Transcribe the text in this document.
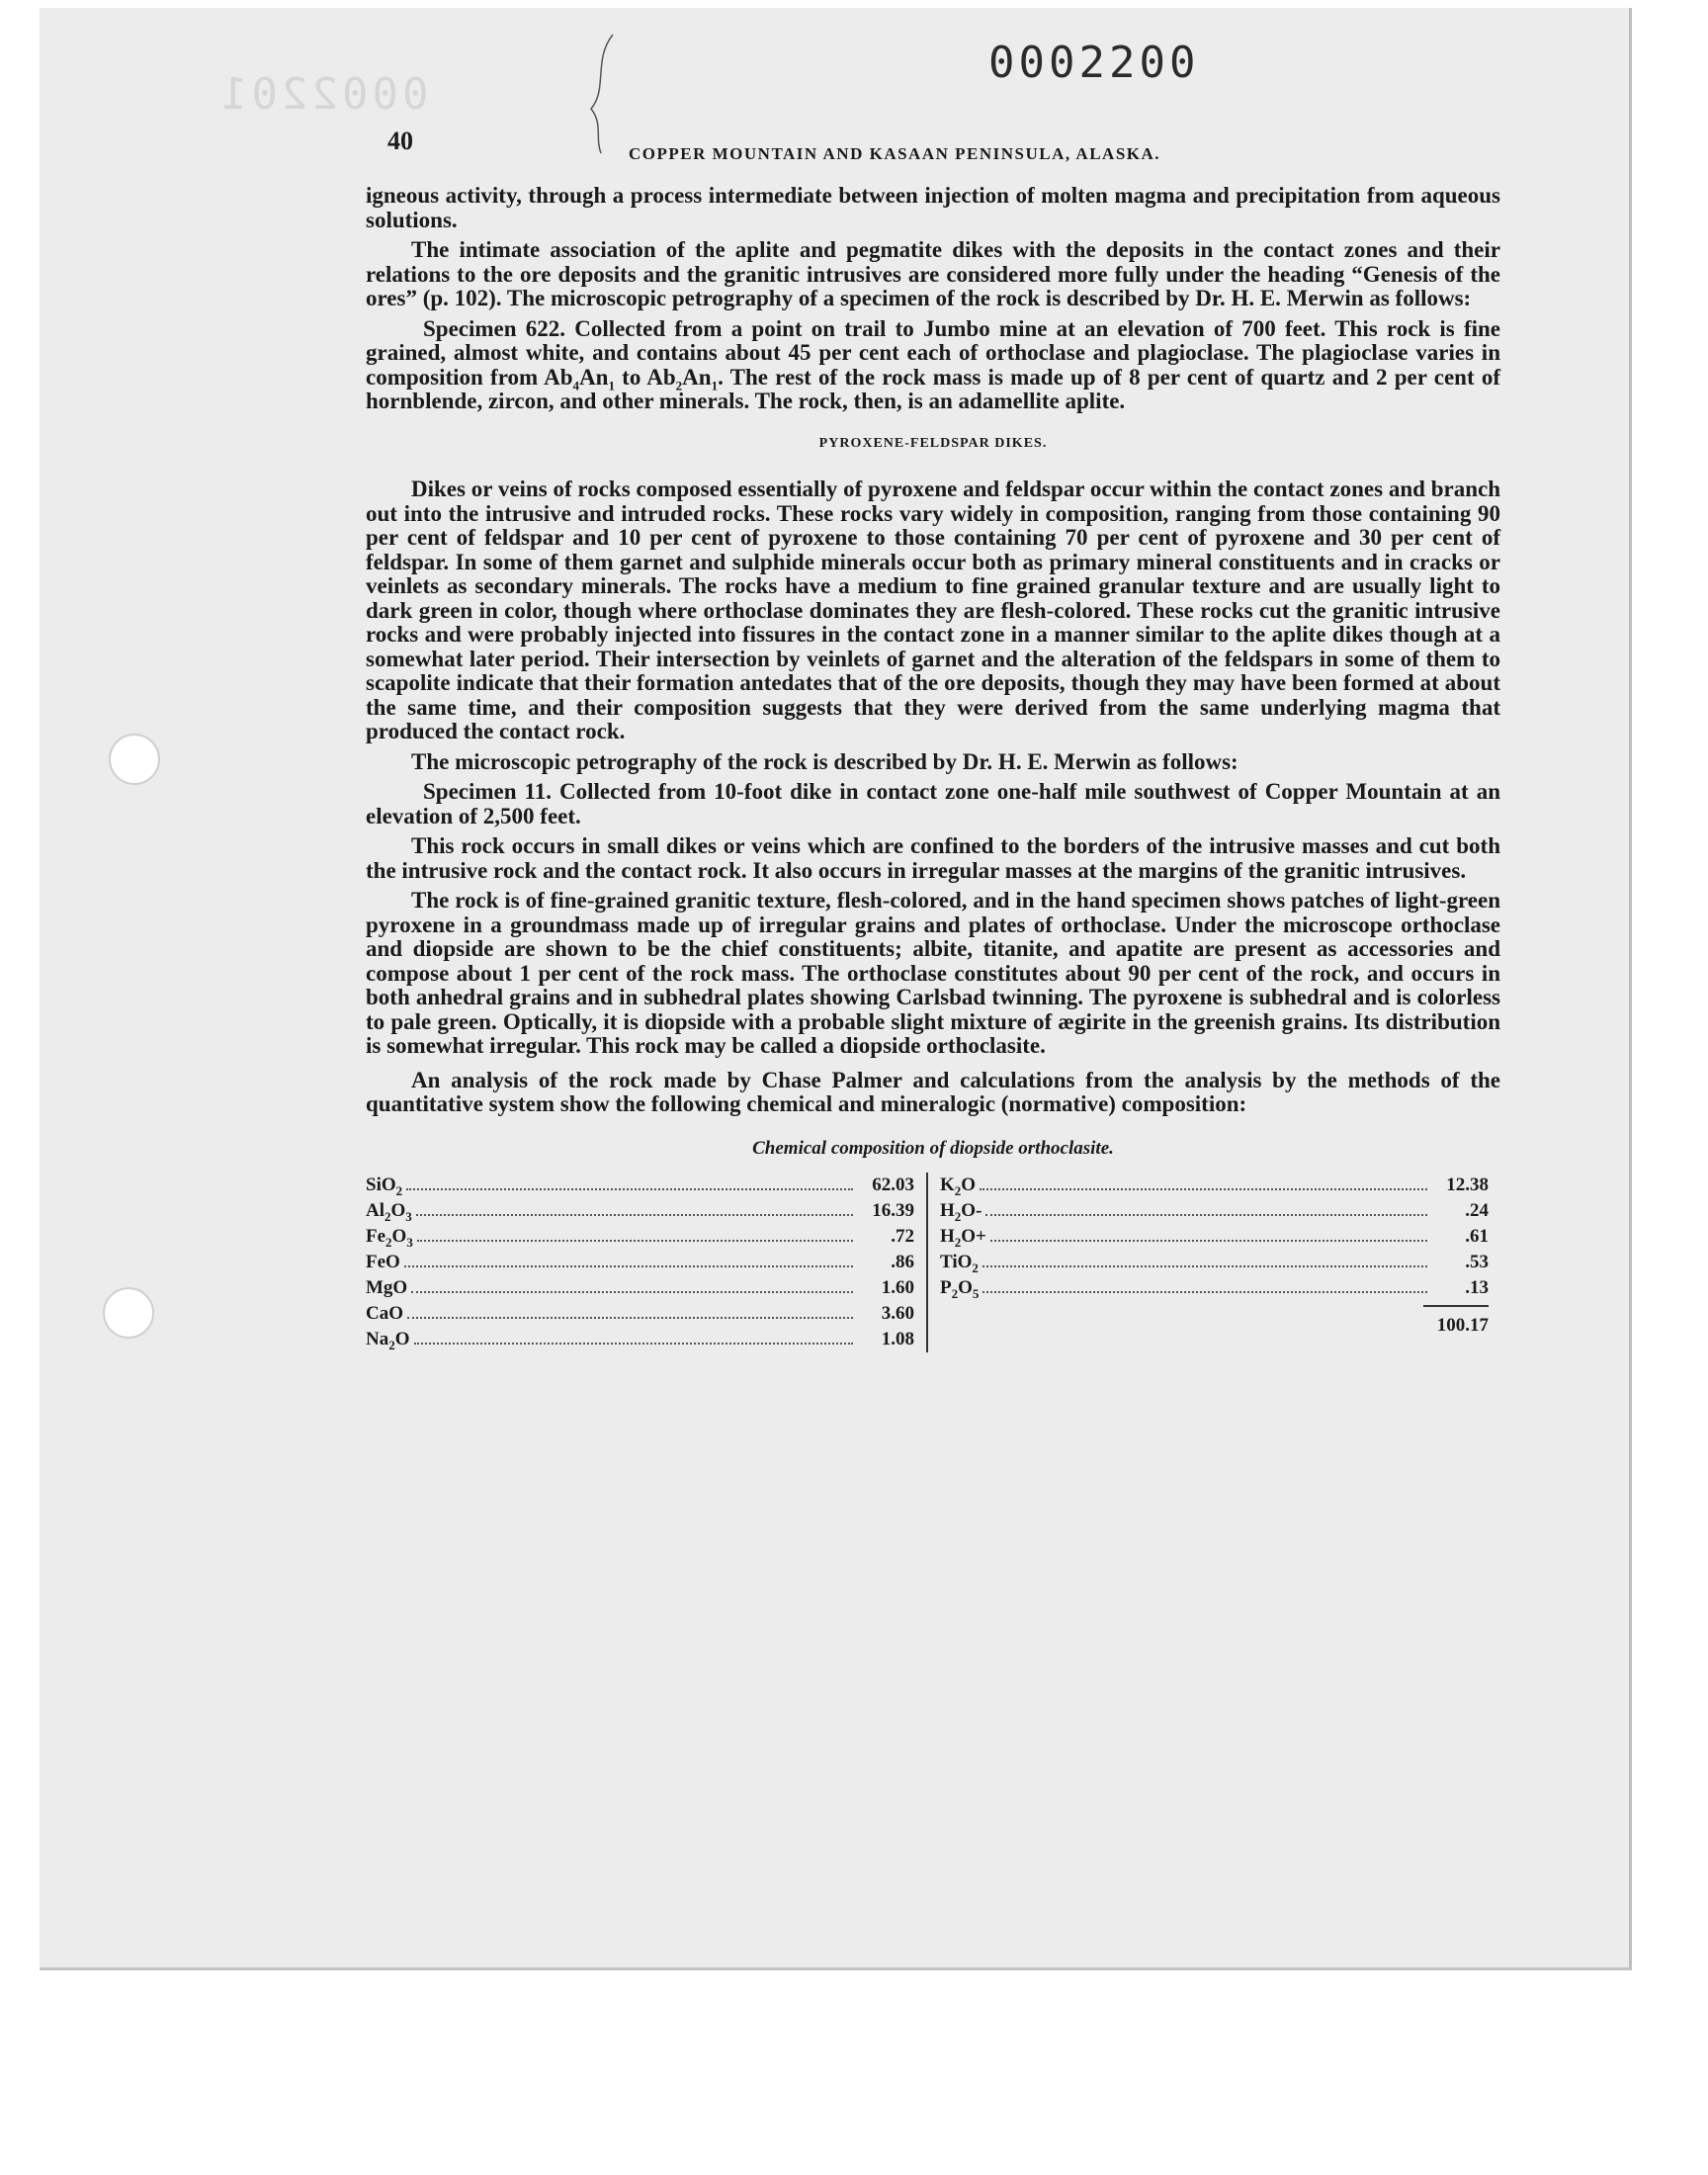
0002201
0002200
40	COPPER MOUNTAIN AND KASAAN PENINSULA, ALASKA.

igneous activity, through a process intermediate between injection of molten magma and precipitation from aqueous solutions.

The intimate association of the aplite and pegmatite dikes with the deposits in the contact zones and their relations to the ore deposits and the granitic intrusives are considered more fully under the heading “Genesis of the ores” (p. 102). The microscopic petrography of a specimen of the rock is described by Dr. H. E. Merwin as follows:

Specimen 622. Collected from a point on trail to Jumbo mine at an elevation of 700 feet. This rock is fine grained, almost white, and contains about 45 per cent each of orthoclase and plagioclase. The plagioclase varies in composition from $Ab_4An_1$ to $Ab_2An_1$. The rest of the rock mass is made up of 8 per cent of quartz and 2 per cent of hornblende, zircon, and other minerals. The rock, then, is an adamellite aplite.

PYROXENE-FELDSPAR DIKES.

Dikes or veins of rocks composed essentially of pyroxene and feldspar occur within the contact zones and branch out into the intrusive and intruded rocks. These rocks vary widely in composition, ranging from those containing 90 per cent of feldspar and 10 per cent of pyroxene to those containing 70 per cent of pyroxene and 30 per cent of feldspar. In some of them garnet and sulphide minerals occur both as primary mineral constituents and in cracks or veinlets as secondary minerals. The rocks have a medium to fine grained granular texture and are usually light to dark green in color, though where orthoclase dominates they are flesh-colored. These rocks cut the granitic intrusive rocks and were probably injected into fissures in the contact zone in a manner similar to the aplite dikes though at a somewhat later period. Their intersection by veinlets of garnet and the alteration of the feldspars in some of them to scapolite indicate that their formation antedates that of the ore deposits, though they may have been formed at about the same time, and their composition suggests that they were derived from the same underlying magma that produced the contact rock.

The microscopic petrography of the rock is described by Dr. H. E. Merwin as follows:

Specimen 11. Collected from 10-foot dike in contact zone one-half mile southwest of Copper Mountain at an elevation of 2,500 feet.

This rock occurs in small dikes or veins which are confined to the borders of the intrusive masses and cut both the intrusive rock and the contact rock. It also occurs in irregular masses at the margins of the granitic intrusives.

The rock is of fine-grained granitic texture, flesh-colored, and in the hand specimen shows patches of light-green pyroxene in a groundmass made up of irregular grains and plates of orthoclase. Under the microscope orthoclase and diopside are shown to be the chief constituents; albite, titanite, and apatite are present as accessories and compose about 1 per cent of the rock mass. The orthoclase constitutes about 90 per cent of the rock, and occurs in both anhedral grains and in subhedral plates showing Carlsbad twinning. The pyroxene is subhedral and is colorless to pale green. Optically, it is diopside with a probable slight mixture of ægirite in the greenish grains. Its distribution is somewhat irregular. This rock may be called a diopside orthoclasite.

An analysis of the rock made by Chase Palmer and calculations from the analysis by the methods of the quantitative system show the following chemical and mineralogic (normative) composition:

Chemical composition of diopside orthoclasite.
SiO$_2$	62.03
$Al_2O_3$	16.39
$Fe_2O_3$	.72
FeO	.86
MgO	1.60
CaO	3.60
$Na_2O$	1.08
$K_2O$	12.38
$H_2O-$	.24
$H_2O+$	.61
TiO$_2$	.53
$P_2O_5$	.13
100.17
